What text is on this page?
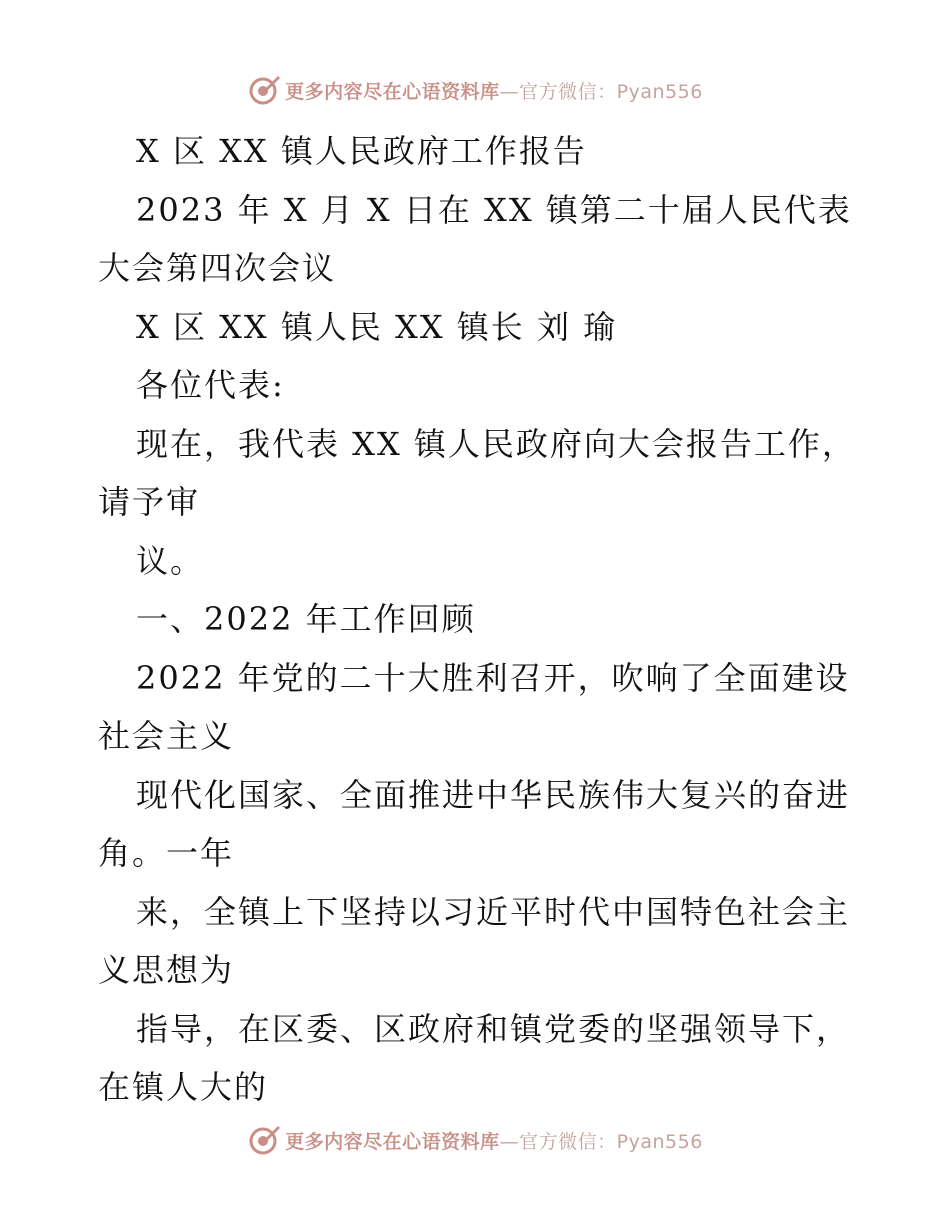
更多内容尽在心语资料库—官方微信：Pyan556
X 区 XX 镇人民政府工作报告
2023 年 X 月 X 日在 XX 镇第二十届人民代表
大会第四次会议
X 区 XX 镇人民 XX 镇长 刘 瑜
各位代表:
现在，我代表 XX 镇人民政府向大会报告工作，
请予审
议。
一、2022 年工作回顾
2022 年党的二十大胜利召开，吹响了全面建设
社会主义
现代化国家、全面推进中华民族伟大复兴的奋进
角。一年
来，全镇上下坚持以习近平时代中国特色社会主
义思想为
指导，在区委、区政府和镇党委的坚强领导下，
在镇人大的
更多内容尽在心语资料库—官方微信：Pyan556
